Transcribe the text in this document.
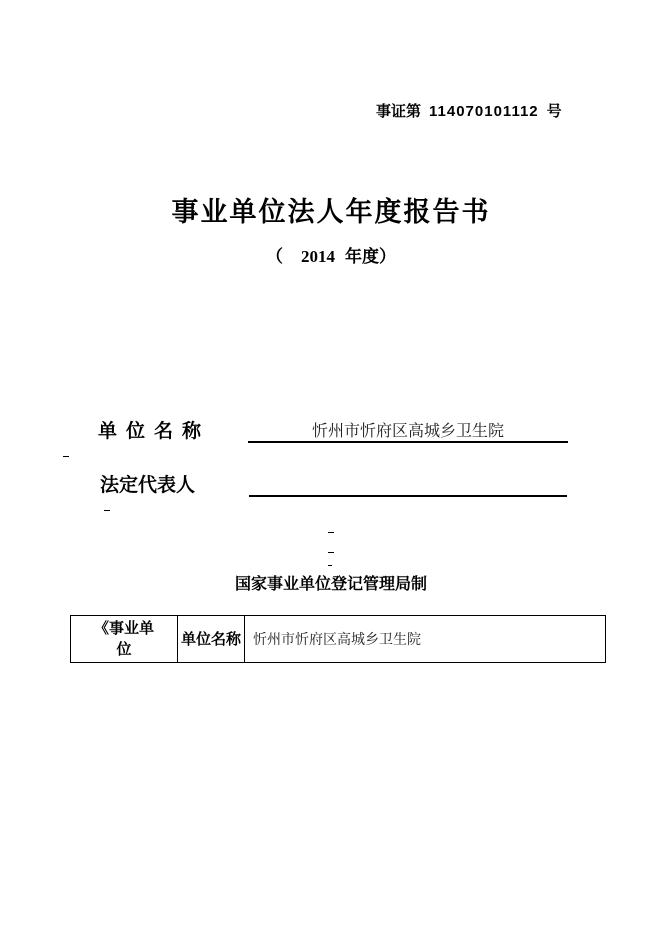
事证第 114070101112 号
事业单位法人年度报告书
（ 2014 年度）
单位名称	忻州市忻府区高城乡卫生院
法定代表人
国家事业单位登记管理局制
《事业单位	单位名称	忻州市忻府区高城乡卫生院
